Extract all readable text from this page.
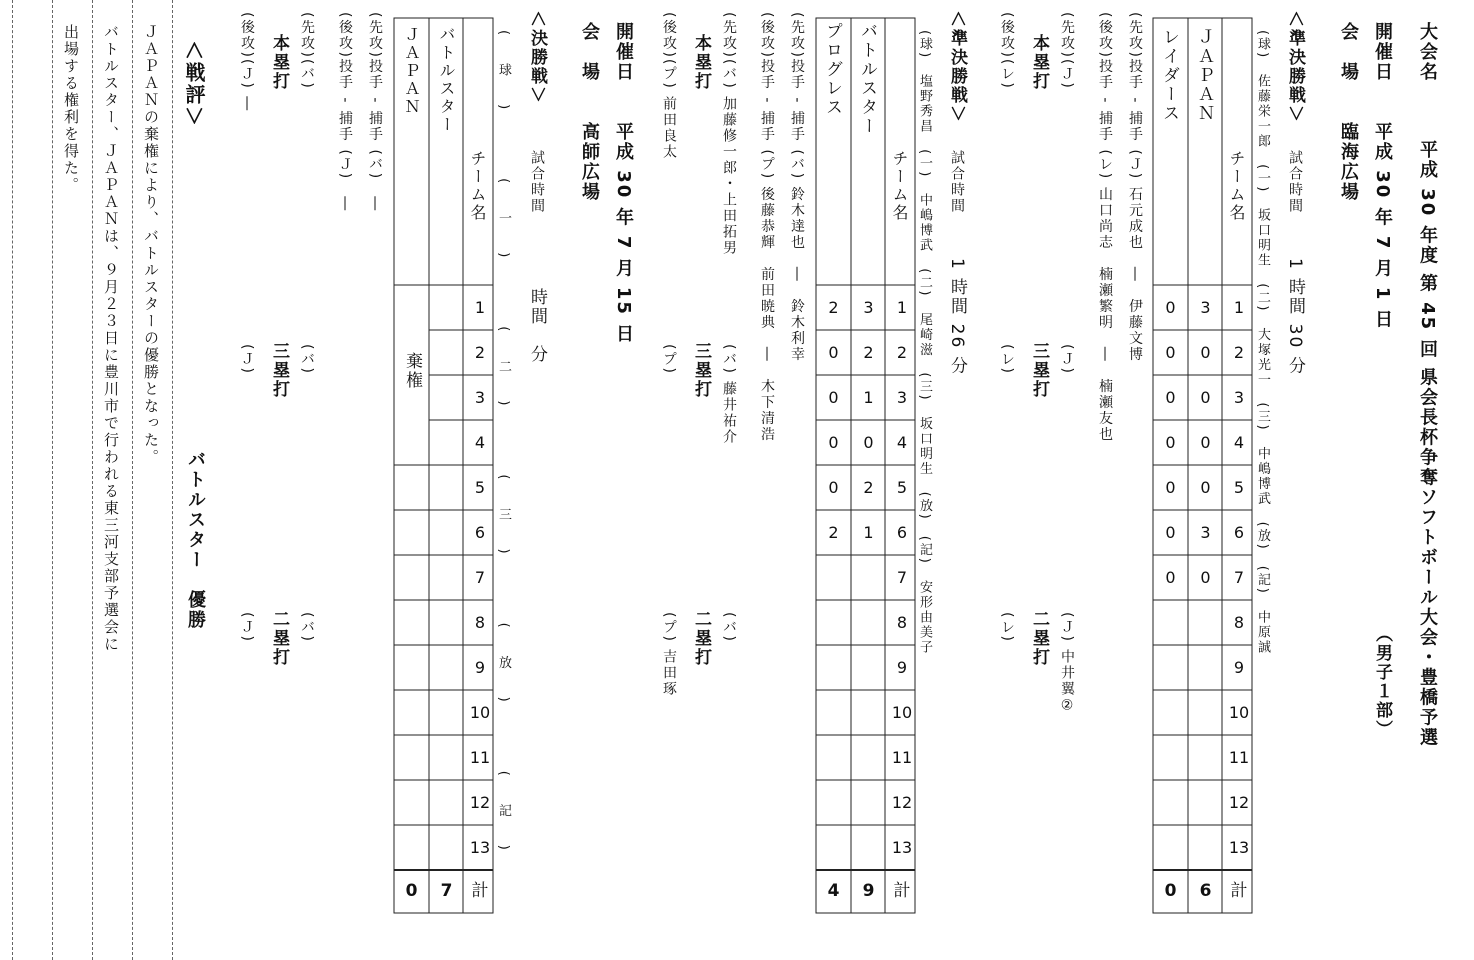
大会名
平成 30 年度 第 45 回 県会長杯争奪ソフトボール大会・豊橋予選
（男子１部）
開催日
平成 30 年 7 月 1 日
会　場
臨海広場
＜準決勝戦＞
試合時間
1 時間 30 分
(球)　佐藤栄一郎　(一)　坂口明生　(二)　大塚光一　(三)　中嶋博武　(放)　(記)　中原誠
チーム名
ＪＡＰＡＮ
レイダース
1
2
3
4
5
6
7
8
9
10
11
12
13
計
3
0
0
0
0
3
0
6
0
0
0
0
0
0
0
0
(先攻)投手 - 捕手 (Ｊ) 石元成也　―　伊藤文博
(後攻)投手 - 捕手 (レ) 山口尚志　楠瀬繁明　―　楠瀬友也
(先攻)(Ｊ)
本塁打
(後攻)(レ)
(Ｊ)
三塁打
(レ)
(Ｊ) 中井翼②
二塁打
(レ)
＜準決勝戦＞
試合時間
1 時間 26 分
(球)　塩野秀昌　(一)　中嶋博武　(二)　尾崎滋　(三)　坂口明生　(放)　(記)　安形由美子
チーム名
バトルスター
プログレス
1
2
3
4
5
6
7
8
9
10
11
12
13
計
3
2
1
0
2
1
9
2
0
0
0
0
2
4
(先攻)投手 - 捕手 (バ) 鈴木達也　―　鈴木利幸
(後攻)投手 - 捕手 (プ) 後藤恭輝　前田暁典　―　木下清浩
(先攻)(バ) 加藤修一郎・上田拓男
本塁打
(後攻)(プ) 前田良太
(バ) 藤井祐介
三塁打
(プ)
(バ)
二塁打
(プ) 吉田琢
開催日
平成 30 年 7 月 15 日
会　場
高師広場
＜決勝戦＞
試合時間
時間　分
(球)　(一)　(二)　(三)　(放)　(記)
チーム名
バトルスター
ＪＡＰＡＮ
棄権
1
2
3
4
5
6
7
8
9
10
11
12
13
計
7
0
(先攻)投手 - 捕手 (バ)　―
(後攻)投手 - 捕手 (Ｊ)　―
(先攻)(バ)
本塁打
(後攻)(Ｊ) ―
(バ)
三塁打
(Ｊ)
(バ)
二塁打
(Ｊ)
＜戦評＞
バトルスター　優勝
ＪＡＰＡＮの棄権により、バトルスターの優勝となった。
バトルスター、ＪＡＰＡＮは、９月２３日に豊川市で行われる東三河支部予選会に
出場する権利を得た。
